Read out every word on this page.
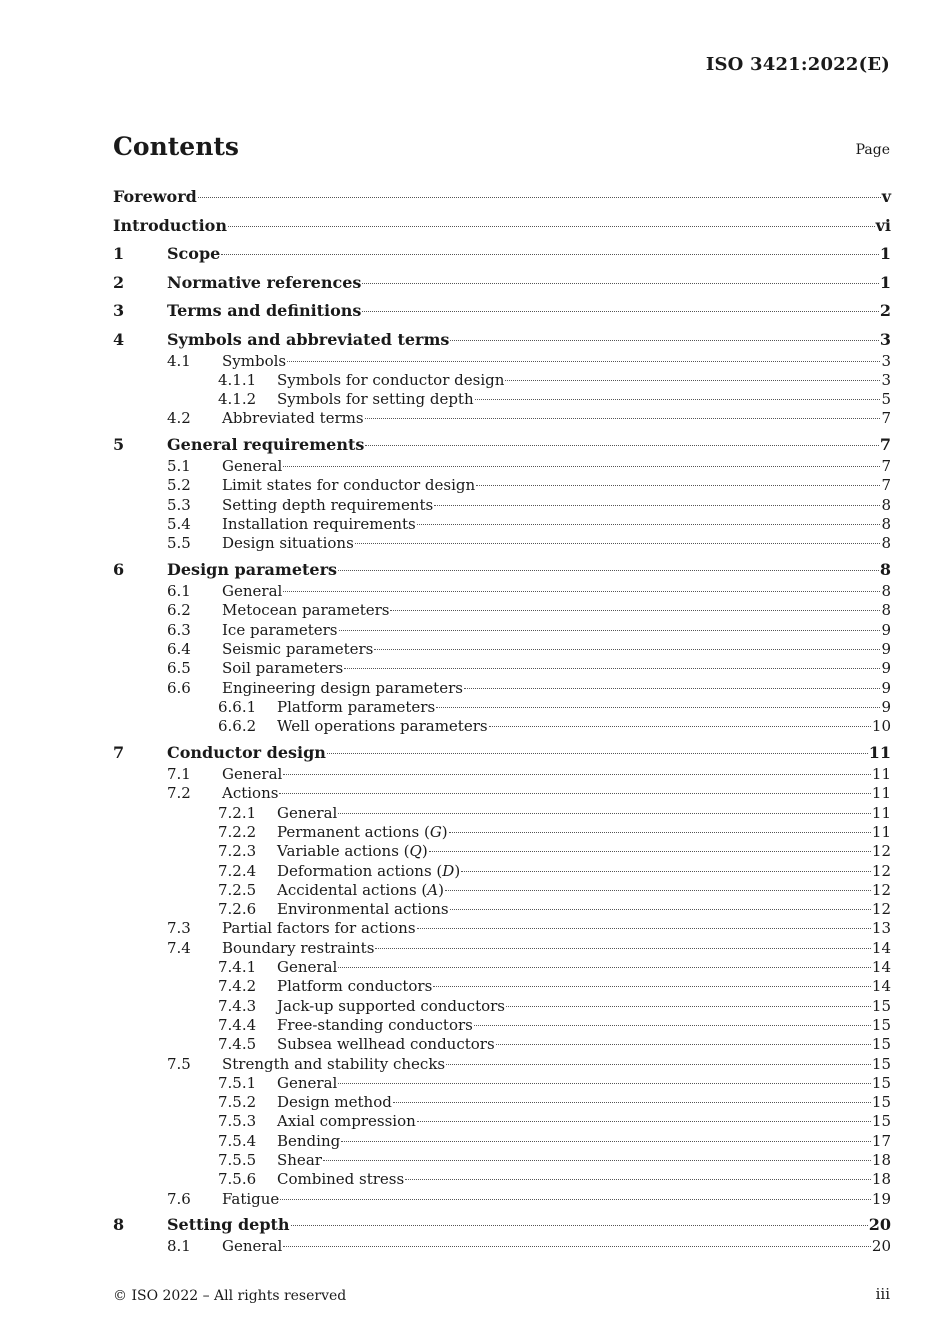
ISO 3421:2022(E)
Contents	Page
Foreword	v
Introduction	vi
1	Scope	1
2	Normative references	1
3	Terms and definitions	2
4	Symbols and abbreviated terms	3
4.1	Symbols	3
4.1.1	Symbols for conductor design	3
4.1.2	Symbols for setting depth	5
4.2	Abbreviated terms	7
5	General requirements	7
5.1	General	7
5.2	Limit states for conductor design	7
5.3	Setting depth requirements	8
5.4	Installation requirements	8
5.5	Design situations	8
6	Design parameters	8
6.1	General	8
6.2	Metocean parameters	8
6.3	Ice parameters	9
6.4	Seismic parameters	9
6.5	Soil parameters	9
6.6	Engineering design parameters	9
6.6.1	Platform parameters	9
6.6.2	Well operations parameters	10
7	Conductor design	11
7.1	General	11
7.2	Actions	11
7.2.1	General	11
7.2.2	Permanent actions (G)	11
7.2.3	Variable actions (Q)	12
7.2.4	Deformation actions (D)	12
7.2.5	Accidental actions (A)	12
7.2.6	Environmental actions	12
7.3	Partial factors for actions	13
7.4	Boundary restraints	14
7.4.1	General	14
7.4.2	Platform conductors	14
7.4.3	Jack-up supported conductors	15
7.4.4	Free-standing conductors	15
7.4.5	Subsea wellhead conductors	15
7.5	Strength and stability checks	15
7.5.1	General	15
7.5.2	Design method	15
7.5.3	Axial compression	15
7.5.4	Bending	17
7.5.5	Shear	18
7.5.6	Combined stress	18
7.6	Fatigue	19
8	Setting depth	20
8.1	General	20
© ISO 2022 – All rights reserved	iii
